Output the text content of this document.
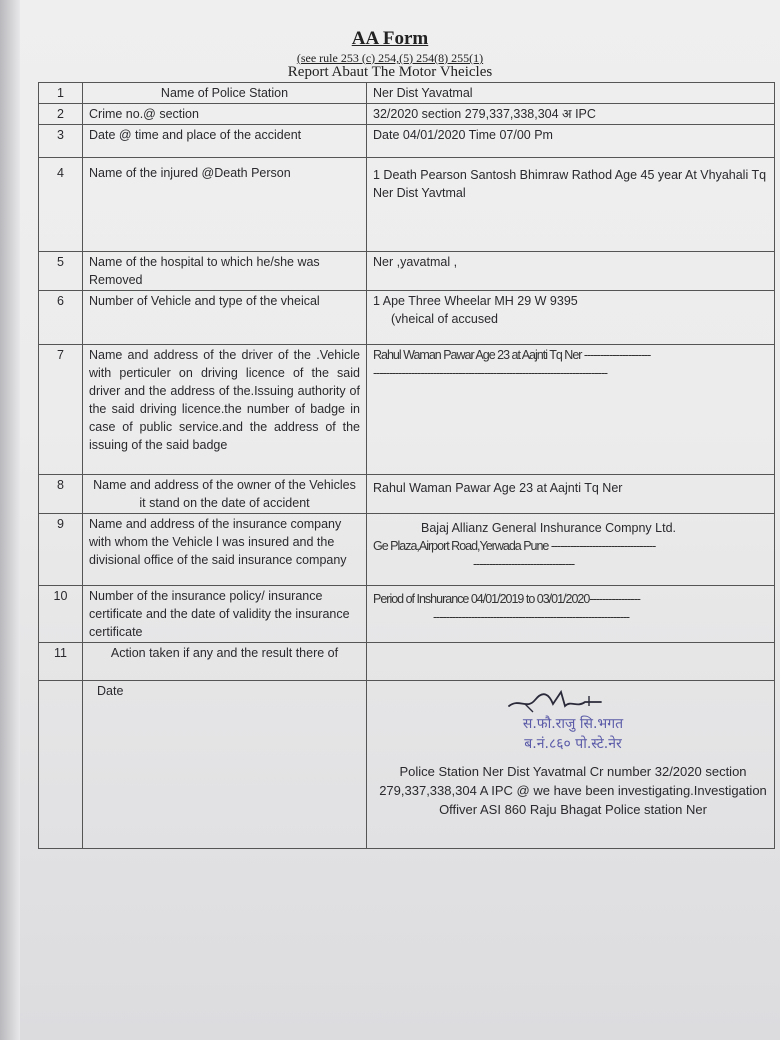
AA Form
(see rule 253 (c) 254,(5) 254(8) 255(1)
Report Abaut The Motor Vheicles
1	Name of Police Station	Ner Dist Yavatmal
2	Crime no.@ section	32/2020 section 279,337,338,304 अ IPC
3	Date @ time and place of the accident	Date 04/01/2020 Time 07/00 Pm
4	Name of the injured @Death Person	1 Death Pearson Santosh Bhimraw Rathod Age 45 year At Vhyahali Tq Ner Dist Yavtmal
5	Name of the hospital to which he/she was Removed	Ner ,yavatmal ,
6	Number of Vehicle and type of the vheical	1 Ape Three Wheelar MH 29 W 9395
(vheical of accused

7	Name and address of the driver of the .Vehicle with perticuler on driving licence of the said driver and the address of the.Issuing authority of the said driving licence.the number of badge in case of public service.and the address of the issuing of the said badge	Rahul Waman Pawar Age 23 at Aajnti Tq Ner ---------------------
--------------------------------------------------------------------------

8	Name and address of the owner of the Vehicles it stand on the date of accident	Rahul Waman Pawar Age 23 at Aajnti Tq Ner
9	Name and address of the insurance company with whom the Vehicle l was insured and the divisional office of the said insurance company	Bajaj Allianz General Inshurance Compny Ltd.
Ge Plaza,Airport Road,Yerwada Pune ---------------------------------
--------------------------------

10	Number of the insurance policy/ insurance certificate and the date of validity the insurance certificate	Period of Inshurance 04/01/2019 to 03/01/2020----------------
--------------------------------------------------------------

11	Action taken if any and the result there of	

	Date	स.फौ.राजु सि.भगत
ब.नं.८६० पो.स्टे.नेर
Police Station Ner Dist Yavatmal Cr number 32/2020 section 279,337,338,304 A IPC @ we have been investigating.Investigation Offiver ASI 860 Raju Bhagat Police station Ner
